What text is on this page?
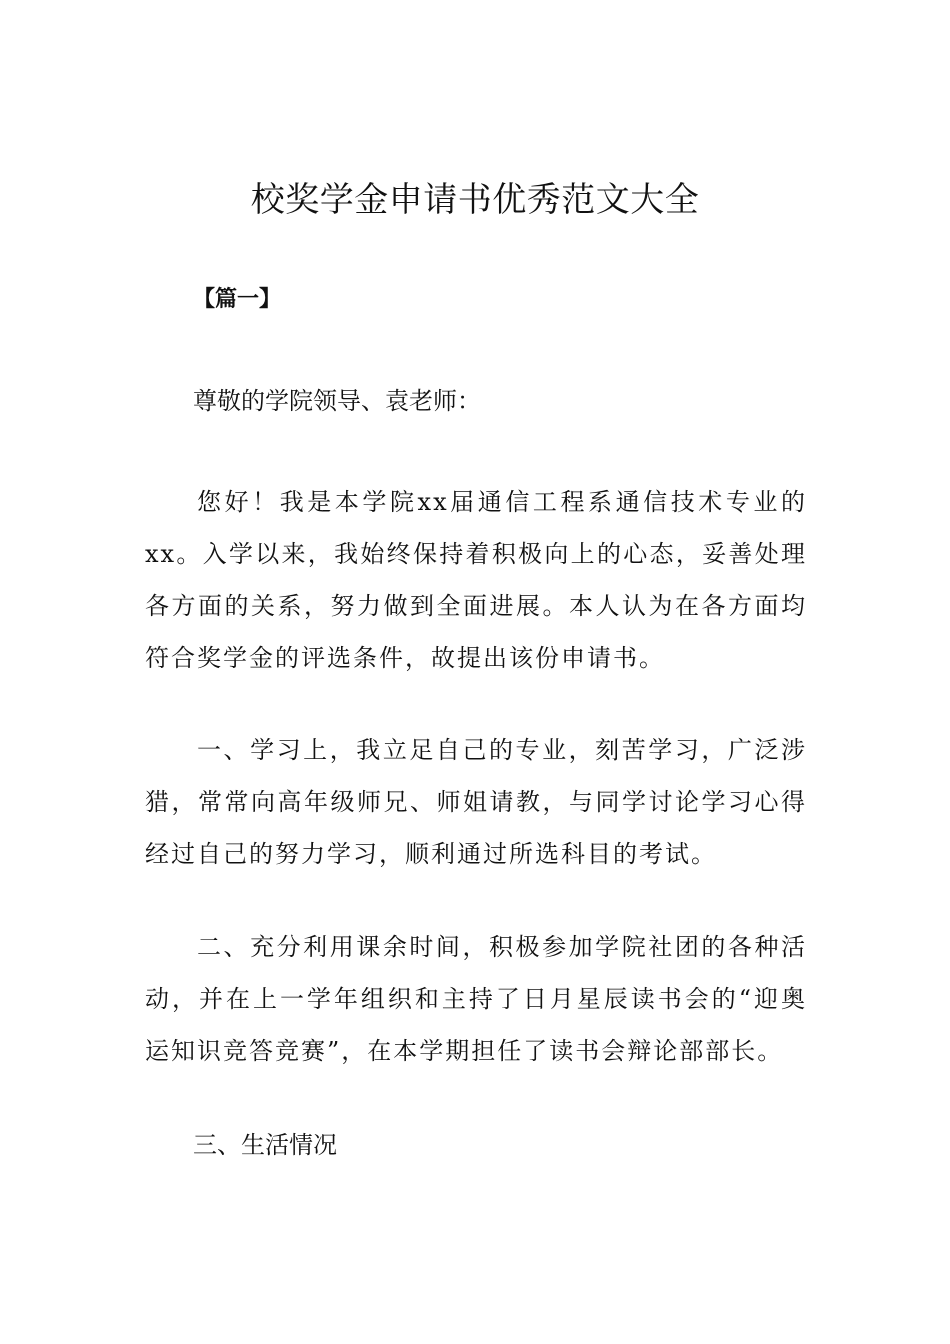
校奖学金申请书优秀范文大全
【篇一】
尊敬的学院领导、袁老师：
您好！我是本学院xx届通信工程系通信技术专业的xx。入学以来，我始终保持着积极向上的心态，妥善处理各方面的关系，努力做到全面进展。本人认为在各方面均符合奖学金的评选条件，故提出该份申请书。
一、学习上，我立足自己的专业，刻苦学习，广泛涉猎，常常向高年级师兄、师姐请教，与同学讨论学习心得经过自己的努力学习，顺利通过所选科目的考试。
二、充分利用课余时间，积极参加学院社团的各种活动，并在上一学年组织和主持了日月星辰读书会的“迎奥运知识竞答竞赛”，在本学期担任了读书会辩论部部长。
三、生活情况
